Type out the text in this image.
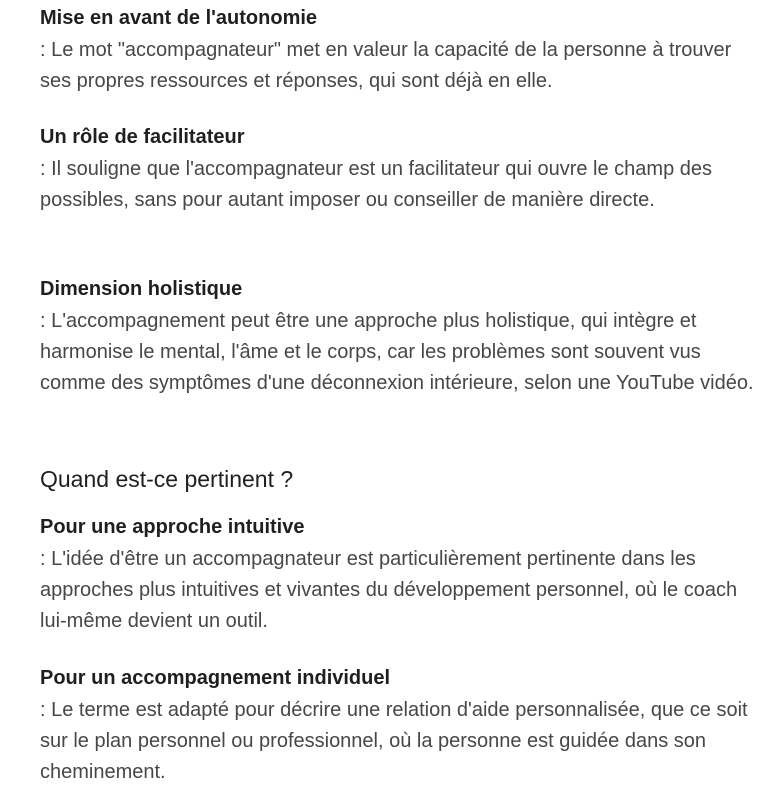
Mise en avant de l'autonomie

: Le mot "accompagnateur" met en valeur la capacité de la personne à trouver ses propres ressources et réponses, qui sont déjà en elle.

Un rôle de facilitateur

: Il souligne que l'accompagnateur est un facilitateur qui ouvre le champ des possibles, sans pour autant imposer ou conseiller de manière directe.

Dimension holistique

: L'accompagnement peut être une approche plus holistique, qui intègre et harmonise le mental, l'âme et le corps, car les problèmes sont souvent vus comme des symptômes d'une déconnexion intérieure, selon une YouTube vidéo.

Quand est-ce pertinent ?

Pour une approche intuitive

: L'idée d'être un accompagnateur est particulièrement pertinente dans les approches plus intuitives et vivantes du développement personnel, où le coach lui-même devient un outil.

Pour un accompagnement individuel

: Le terme est adapté pour décrire une relation d'aide personnalisée, que ce soit sur le plan personnel ou professionnel, où la personne est guidée dans son cheminement.
